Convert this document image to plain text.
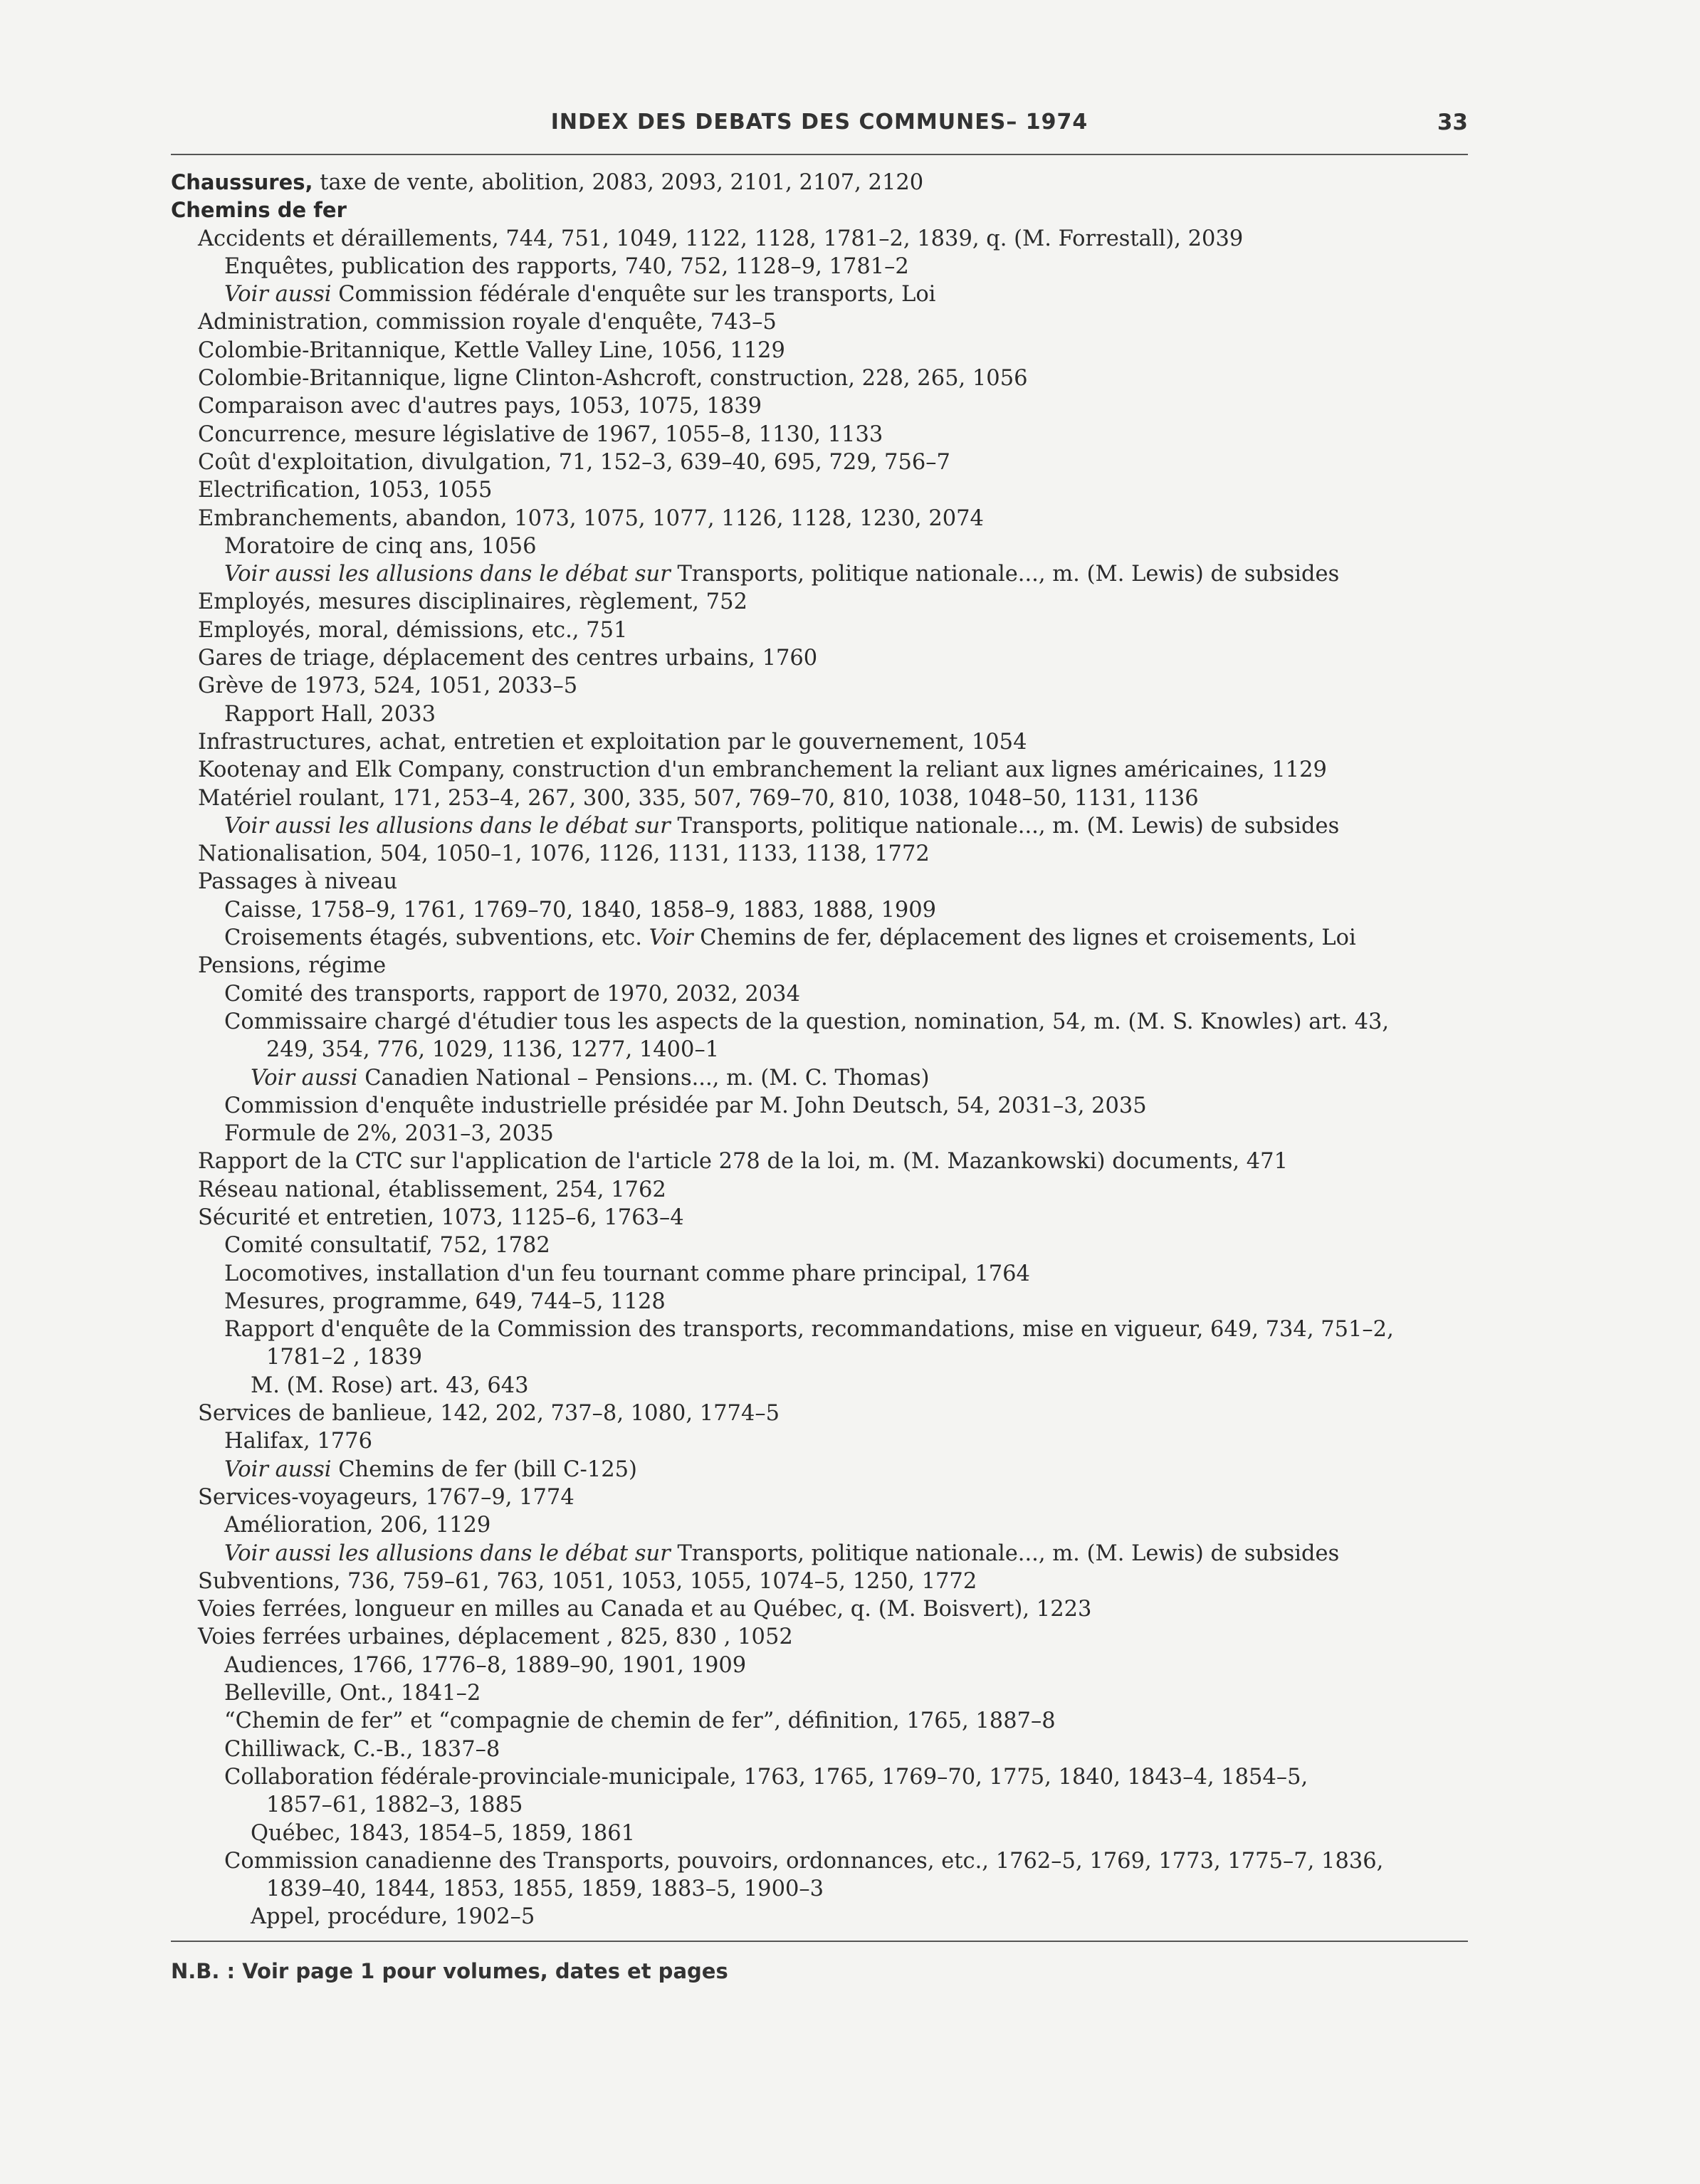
INDEX DES DEBATS DES COMMUNES– 1974	33
Chaussures, taxe de vente, abolition, 2083, 2093, 2101, 2107, 2120
Chemins de fer
Accidents et déraillements, 744, 751, 1049, 1122, 1128, 1781–2, 1839, q. (M. Forrestall), 2039
Enquêtes, publication des rapports, 740, 752, 1128–9, 1781–2
Voir aussi Commission fédérale d'enquête sur les transports, Loi
Administration, commission royale d'enquête, 743–5
Colombie-Britannique, Kettle Valley Line, 1056, 1129
Colombie-Britannique, ligne Clinton-Ashcroft, construction, 228, 265, 1056
Comparaison avec d'autres pays, 1053, 1075, 1839
Concurrence, mesure législative de 1967, 1055–8, 1130, 1133
Coût d'exploitation, divulgation, 71, 152–3, 639–40, 695, 729, 756–7
Electrification, 1053, 1055
Embranchements, abandon, 1073, 1075, 1077, 1126, 1128, 1230, 2074
Moratoire de cinq ans, 1056
Voir aussi les allusions dans le débat sur Transports, politique nationale..., m. (M. Lewis) de subsides
Employés, mesures disciplinaires, règlement, 752
Employés, moral, démissions, etc., 751
Gares de triage, déplacement des centres urbains, 1760
Grève de 1973, 524, 1051, 2033–5
Rapport Hall, 2033
Infrastructures, achat, entretien et exploitation par le gouvernement, 1054
Kootenay and Elk Company, construction d'un embranchement la reliant aux lignes américaines, 1129
Matériel roulant, 171, 253–4, 267, 300, 335, 507, 769–70, 810, 1038, 1048–50, 1131, 1136
Voir aussi les allusions dans le débat sur Transports, politique nationale..., m. (M. Lewis) de subsides
Nationalisation, 504, 1050–1, 1076, 1126, 1131, 1133, 1138, 1772
Passages à niveau
Caisse, 1758–9, 1761, 1769–70, 1840, 1858–9, 1883, 1888, 1909
Croisements étagés, subventions, etc. Voir Chemins de fer, déplacement des lignes et croisements, Loi
Pensions, régime
Comité des transports, rapport de 1970, 2032, 2034
Commissaire chargé d'étudier tous les aspects de la question, nomination, 54, m. (M. S. Knowles) art. 43,
249, 354, 776, 1029, 1136, 1277, 1400–1
Voir aussi Canadien National – Pensions..., m. (M. C. Thomas)
Commission d'enquête industrielle présidée par M. John Deutsch, 54, 2031–3, 2035
Formule de 2%, 2031–3, 2035
Rapport de la CTC sur l'application de l'article 278 de la loi, m. (M. Mazankowski) documents, 471
Réseau national, établissement, 254, 1762
Sécurité et entretien, 1073, 1125–6, 1763–4
Comité consultatif, 752, 1782
Locomotives, installation d'un feu tournant comme phare principal, 1764
Mesures, programme, 649, 744–5, 1128
Rapport d'enquête de la Commission des transports, recommandations, mise en vigueur, 649, 734, 751–2,
1781–2 , 1839
M. (M. Rose) art. 43, 643
Services de banlieue, 142, 202, 737–8, 1080, 1774–5
Halifax, 1776
Voir aussi Chemins de fer (bill C-125)
Services-voyageurs, 1767–9, 1774
Amélioration, 206, 1129
Voir aussi les allusions dans le débat sur Transports, politique nationale..., m. (M. Lewis) de subsides
Subventions, 736, 759–61, 763, 1051, 1053, 1055, 1074–5, 1250, 1772
Voies ferrées, longueur en milles au Canada et au Québec, q. (M. Boisvert), 1223
Voies ferrées urbaines, déplacement , 825, 830 , 1052
Audiences, 1766, 1776–8, 1889–90, 1901, 1909
Belleville, Ont., 1841–2
“Chemin de fer” et “compagnie de chemin de fer”, définition, 1765, 1887–8
Chilliwack, C.-B., 1837–8
Collaboration fédérale-provinciale-municipale, 1763, 1765, 1769–70, 1775, 1840, 1843–4, 1854–5,
1857–61, 1882–3, 1885
Québec, 1843, 1854–5, 1859, 1861
Commission canadienne des Transports, pouvoirs, ordonnances, etc., 1762–5, 1769, 1773, 1775–7, 1836,
1839–40, 1844, 1853, 1855, 1859, 1883–5, 1900–3
Appel, procédure, 1902–5
N.B. : Voir page 1 pour volumes, dates et pages
